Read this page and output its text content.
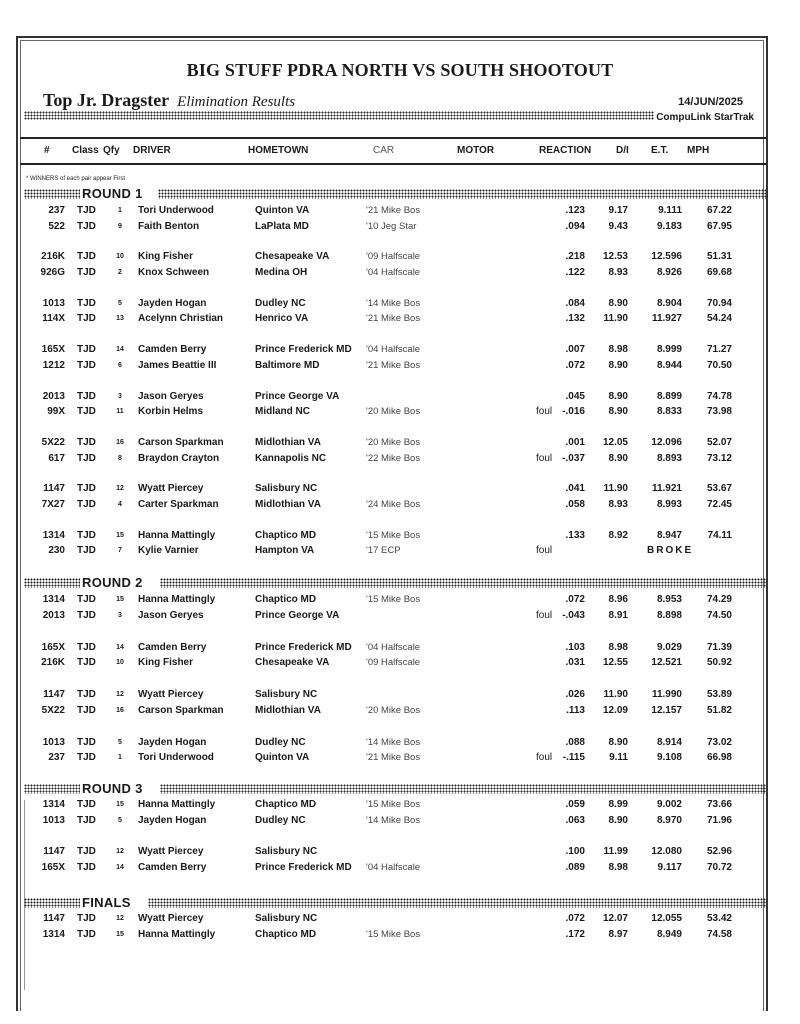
BIG STUFF PDRA NORTH VS SOUTH SHOOTOUT
Top Jr. Dragster Elimination Results	14/JUN/2025
CompuLink StarTrak
# Class Qfy DRIVER	HOMETOWN	CAR	MOTOR	REACTION D/I E.T. MPH
* WINNERS of each pair appear First
ROUND 1
237 TJD	1	Tori Underwood	Quinton VA	'21 Mike Bos	.123 9.17	9.111 67.22
522 TJD	9	Faith Benton	LaPlata MD	'10 Jeg Star	.094 9.43	9.183 67.95
216K TJD	10	King Fisher	Chesapeake VA	'09 Halfscale	.218 12.53 12.596 51.31
926G TJD	2	Knox Schween	Medina OH	'04 Halfscale	.122 8.93	8.926 69.68
1013 TJD	5	Jayden Hogan	Dudley NC	'14 Mike Bos	.084 8.90	8.904 70.94
114X TJD	13	Acelynn Christian	Henrico VA	'21 Mike Bos	.132 11.90 11.927 54.24
165X TJD	14	Camden Berry	Prince Frederick MD '04 Halfscale	.007 8.98	8.999 71.27
1212 TJD	6	James Beattie III	Baltimore MD	'21 Mike Bos	.072 8.90	8.944 70.50
2013 TJD	3	Jason Geryes	Prince George VA	.045 8.90	8.899 74.78
99X TJD	11	Korbin Helms	Midland NC	'20 Mike Bos	foul -.016 8.90	8.833 73.98
5X22 TJD	16	Carson Sparkman	Midlothian VA	'20 Mike Bos	.001 12.05 12.096 52.07
617 TJD	8	Braydon Crayton	Kannapolis NC	'22 Mike Bos	foul -.037 8.90	8.893 73.12
1147 TJD	12	Wyatt Piercey	Salisbury NC	.041 11.90 11.921 53.67
7X27 TJD	4	Carter Sparkman	Midlothian VA	'24 Mike Bos	.058 8.93	8.993 72.45
1314 TJD	15	Hanna Mattingly	Chaptico MD	'15 Mike Bos	.133 8.92	8.947	74.11
230 TJD	7	Kylie Varnier	Hampton VA	'17 ECP	foul	BROKE
ROUND 2
1314 TJD	15	Hanna Mattingly	Chaptico MD	'15 Mike Bos	.072 8.96	8.953 74.29
2013 TJD	3	Jason Geryes	Prince George VA	foul -.043 8.91	8.898 74.50
165X TJD	14	Camden Berry	Prince Frederick MD '04 Halfscale	.103 8.98	9.029 71.39
216K TJD	10	King Fisher	Chesapeake VA	'09 Halfscale	.031 12.55 12.521 50.92
1147 TJD	12	Wyatt Piercey	Salisbury NC	.026 11.90 11.990 53.89
5X22 TJD	16	Carson Sparkman	Midlothian VA	'20 Mike Bos	.113 12.09 12.157 51.82
1013 TJD	5	Jayden Hogan	Dudley NC	'14 Mike Bos	.088 8.90	8.914 73.02
237 TJD	1	Tori Underwood	Quinton VA	'21 Mike Bos	foul -.115 9.11	9.108 66.98
ROUND 3
1314 TJD	15	Hanna Mattingly	Chaptico MD	'15 Mike Bos	.059 8.99	9.002 73.66
1013 TJD	5	Jayden Hogan	Dudley NC	'14 Mike Bos	.063 8.90	8.970 71.96
1147 TJD	12	Wyatt Piercey	Salisbury NC	.100 11.99 12.080 52.96
165X TJD	14	Camden Berry	Prince Frederick MD '04 Halfscale	.089 8.98	9.117 70.72
FINALS
1147 TJD	12	Wyatt Piercey	Salisbury NC	.072 12.07 12.055 53.42
1314 TJD	15	Hanna Mattingly	Chaptico MD	'15 Mike Bos	.172 8.97	8.949 74.58
